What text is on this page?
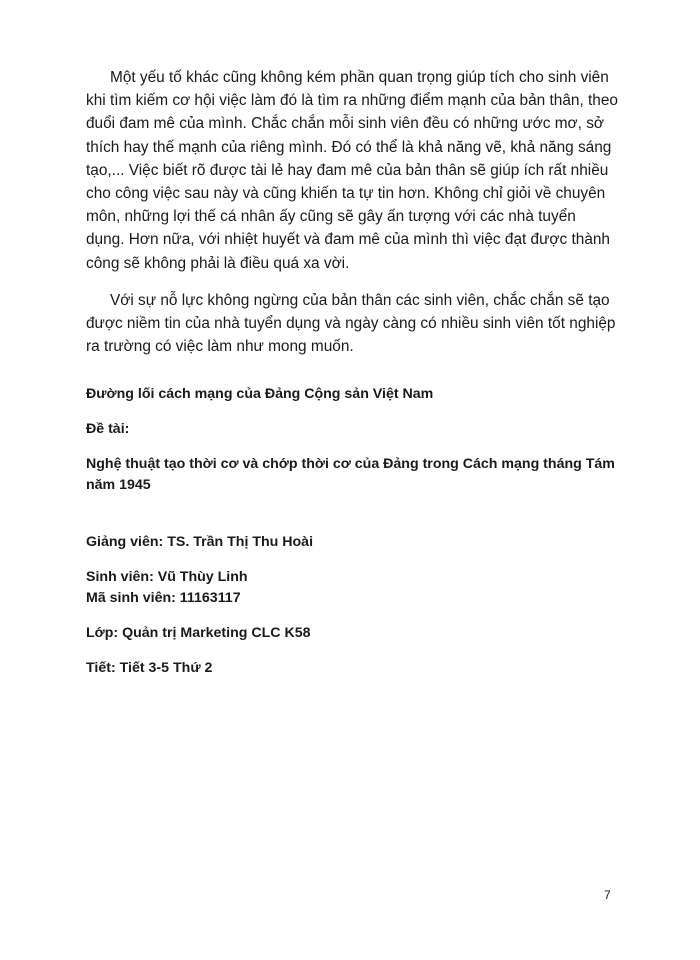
Một yếu tố khác cũng không kém phần quan trọng giúp tích cho sinh viên khi tìm kiếm cơ hội việc làm đó là tìm ra những điểm mạnh của bản thân, theo đuổi đam mê của mình. Chắc chắn mỗi sinh viên đều có những ước mơ, sở thích hay thế mạnh của riêng mình. Đó có thể là khả năng vẽ, khả năng sáng tạo,... Việc biết rõ được tài lẻ hay đam mê của bản thân sẽ giúp ích rất nhiều cho công việc sau này và cũng khiến ta tự tin hơn. Không chỉ giỏi về chuyên môn, những lợi thế cá nhân ấy cũng sẽ gây ấn tượng với các nhà tuyển dụng. Hơn nữa, với nhiệt huyết và đam mê của mình thì việc đạt được thành công sẽ không phải là điều quá xa vời.

Với sự nỗ lực không ngừng của bản thân các sinh viên, chắc chắn sẽ tạo được niềm tin của nhà tuyển dụng và ngày càng có nhiều sinh viên tốt nghiệp ra trường có việc làm như mong muốn.

Đường lối cách mạng của Đảng Cộng sản Việt Nam

Đề tài:

Nghệ thuật tạo thời cơ và chớp thời cơ của Đảng trong Cách mạng tháng Tám năm 1945

Giảng viên: TS. Trần Thị Thu Hoài

Sinh viên: Vũ Thùy Linh

Mã sinh viên: 11163117

Lớp: Quản trị Marketing CLC K58

Tiết: Tiết 3-5 Thứ 2

7
